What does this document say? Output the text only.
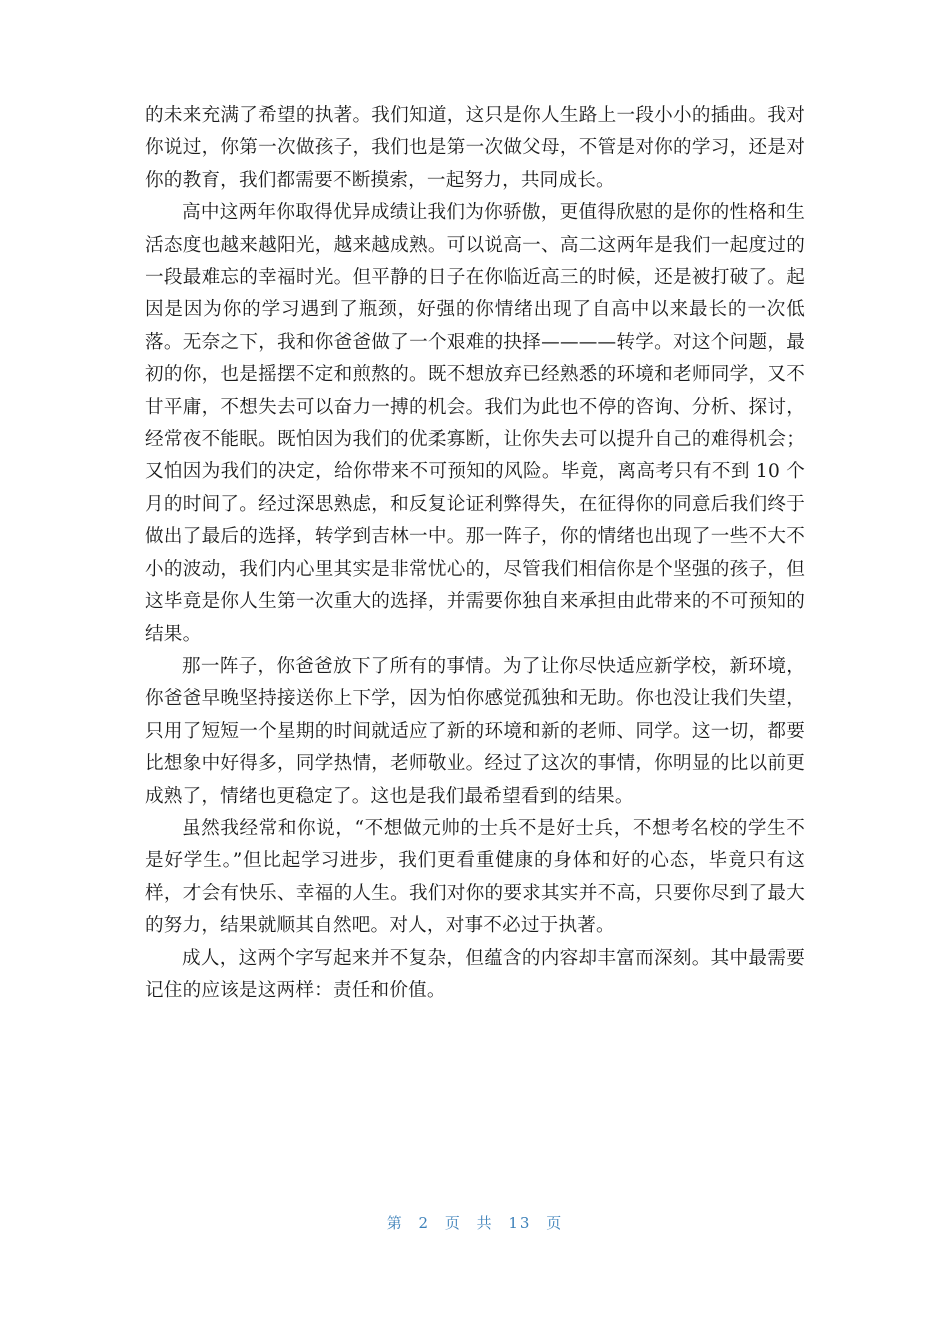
的未来充满了希望的执著。我们知道，这只是你人生路上一段小小的插曲。我对你说过，你第一次做孩子，我们也是第一次做父母，不管是对你的学习，还是对你的教育，我们都需要不断摸索，一起努力，共同成长。

高中这两年你取得优异成绩让我们为你骄傲，更值得欣慰的是你的性格和生活态度也越来越阳光，越来越成熟。可以说高一、高二这两年是我们一起度过的一段最难忘的幸福时光。但平静的日子在你临近高三的时候，还是被打破了。起因是因为你的学习遇到了瓶颈，好强的你情绪出现了自高中以来最长的一次低落。无奈之下，我和你爸爸做了一个艰难的抉择————转学。对这个问题，最初的你，也是摇摆不定和煎熬的。既不想放弃已经熟悉的环境和老师同学，又不甘平庸，不想失去可以奋力一搏的机会。我们为此也不停的咨询、分析、探讨，经常夜不能眠。既怕因为我们的优柔寡断，让你失去可以提升自己的难得机会；又怕因为我们的决定，给你带来不可预知的风险。毕竟，离高考只有不到 10 个月的时间了。经过深思熟虑，和反复论证利弊得失，在征得你的同意后我们终于做出了最后的选择，转学到吉林一中。那一阵子，你的情绪也出现了一些不大不小的波动，我们内心里其实是非常忧心的，尽管我们相信你是个坚强的孩子，但这毕竟是你人生第一次重大的选择，并需要你独自来承担由此带来的不可预知的结果。

那一阵子，你爸爸放下了所有的事情。为了让你尽快适应新学校，新环境，你爸爸早晚坚持接送你上下学，因为怕你感觉孤独和无助。你也没让我们失望，只用了短短一个星期的时间就适应了新的环境和新的老师、同学。这一切，都要比想象中好得多，同学热情，老师敬业。经过了这次的事情，你明显的比以前更成熟了，情绪也更稳定了。这也是我们最希望看到的结果。

虽然我经常和你说，“不想做元帅的士兵不是好士兵，不想考名校的学生不是好学生。”但比起学习进步，我们更看重健康的身体和好的心态，毕竟只有这样，才会有快乐、幸福的人生。我们对你的要求其实并不高，只要你尽到了最大的努力，结果就顺其自然吧。对人，对事不必过于执著。

成人，这两个字写起来并不复杂，但蕴含的内容却丰富而深刻。其中最需要记住的应该是这两样：责任和价值。

第 2 页 共 13 页
